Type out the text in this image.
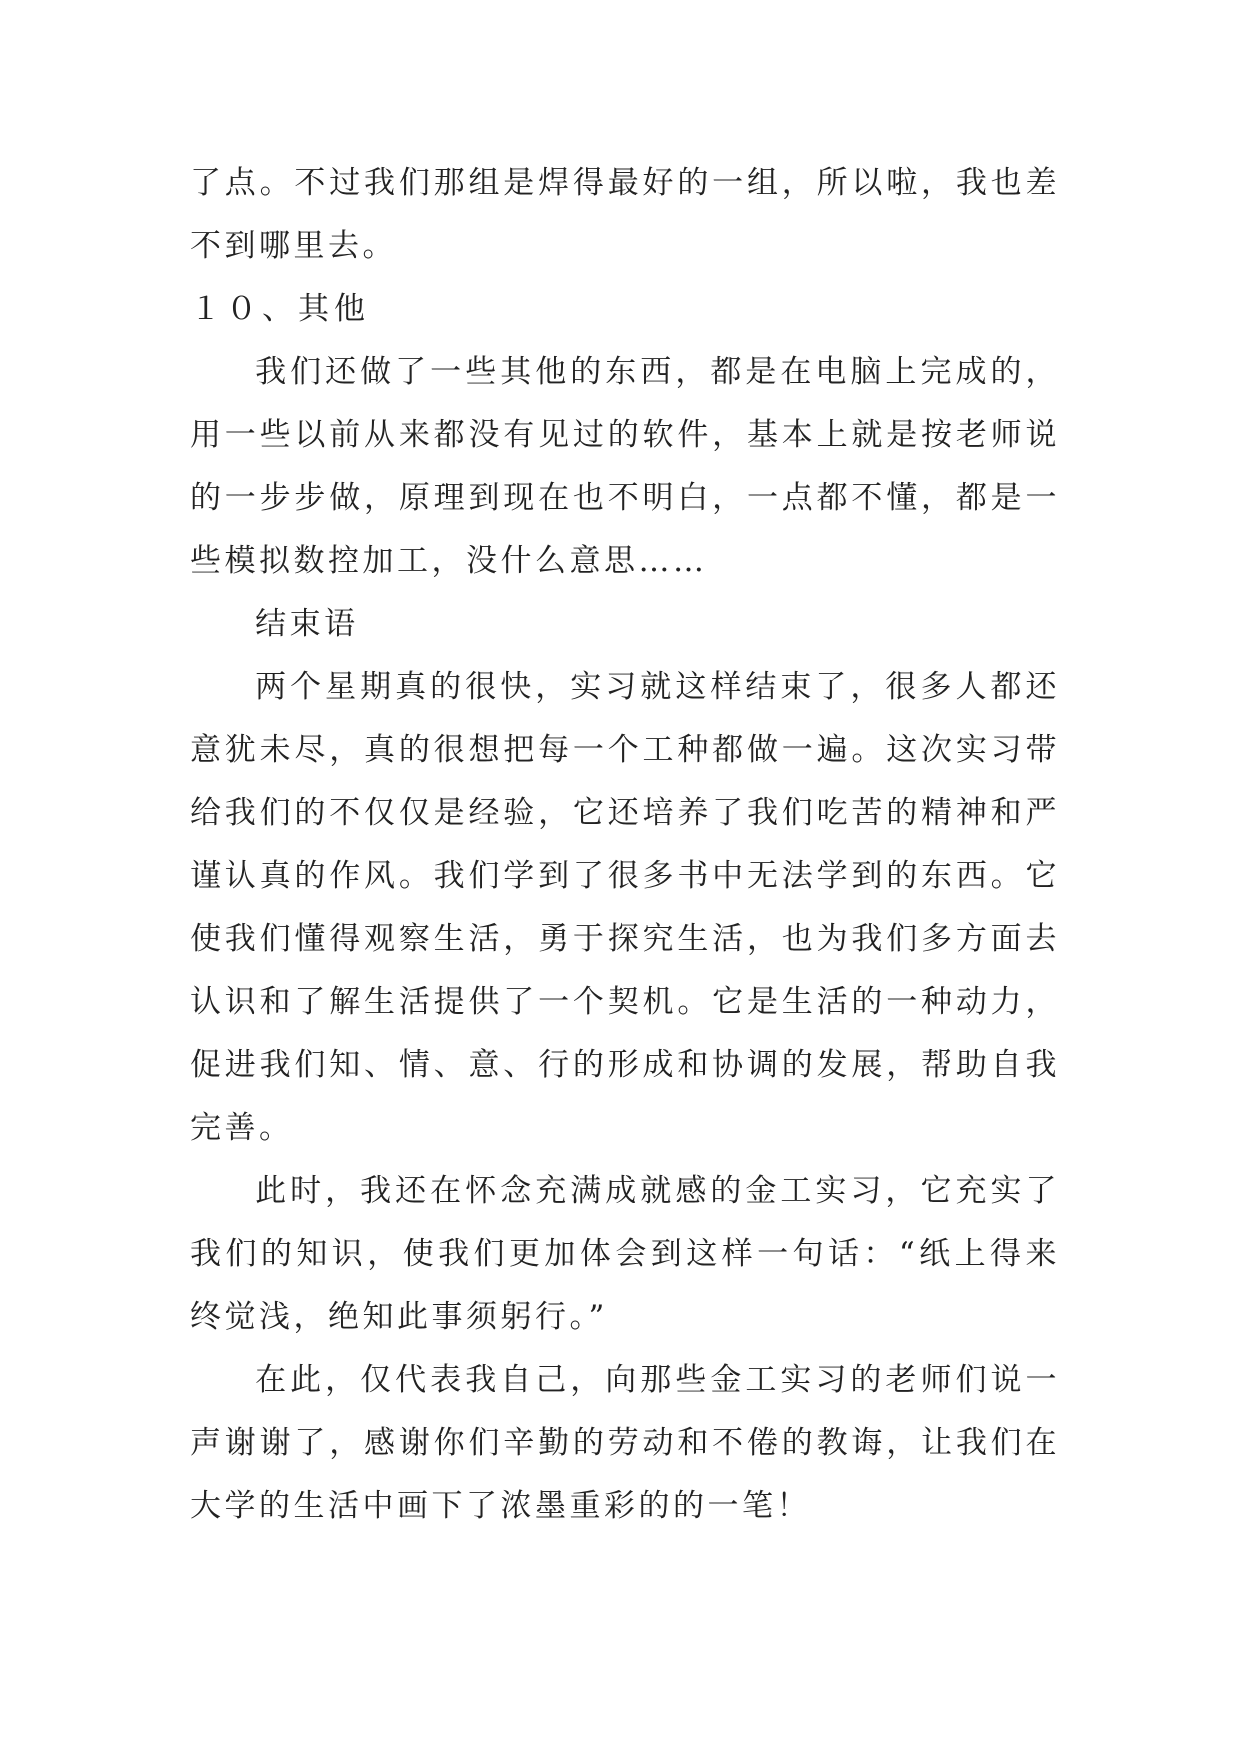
了点。不过我们那组是焊得最好的一组，所以啦，我也差不到哪里去。

１０、其他

我们还做了一些其他的东西，都是在电脑上完成的，用一些以前从来都没有见过的软件，基本上就是按老师说的一步步做，原理到现在也不明白，一点都不懂，都是一些模拟数控加工，没什么意思……

结束语

两个星期真的很快，实习就这样结束了，很多人都还意犹未尽，真的很想把每一个工种都做一遍。这次实习带给我们的不仅仅是经验，它还培养了我们吃苦的精神和严谨认真的作风。我们学到了很多书中无法学到的东西。它使我们懂得观察生活，勇于探究生活，也为我们多方面去认识和了解生活提供了一个契机。它是生活的一种动力，促进我们知、情、意、行的形成和协调的发展，帮助自我完善。

此时，我还在怀念充满成就感的金工实习，它充实了我们的知识，使我们更加体会到这样一句话：“纸上得来终觉浅，绝知此事须躬行。”

在此，仅代表我自己，向那些金工实习的老师们说一声谢谢了，感谢你们辛勤的劳动和不倦的教诲，让我们在大学的生活中画下了浓墨重彩的的一笔！
